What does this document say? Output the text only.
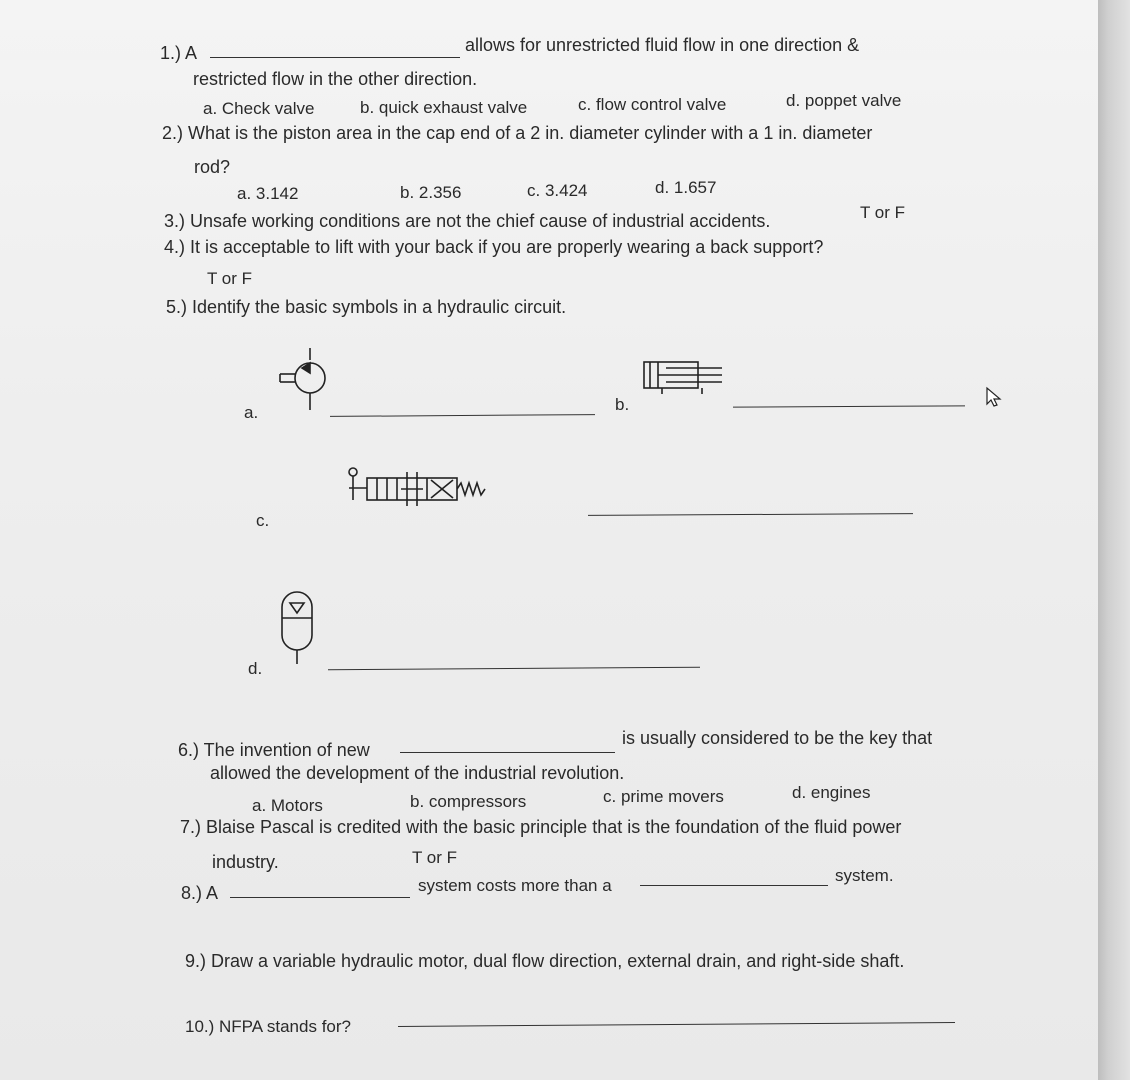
1.) A	allows for unrestricted fluid flow in one direction &
restricted flow in the other direction.
a. Check valve	b. quick exhaust valve	c. flow control valve	d. poppet valve
2.) What is the piston area in the cap end of a 2 in. diameter cylinder with a 1 in. diameter
rod?
a. 3.142	b. 2.356	c. 3.424	d. 1.657
3.) Unsafe working conditions are not the chief cause of industrial accidents.	T or F
4.) It is acceptable to lift with your back if you are properly wearing a back support?
T or F
5.) Identify the basic symbols in a hydraulic circuit.
a.	b.
c.
d.
6.) The invention of new
is usually considered to be the key that
allowed the development of the industrial revolution.
a. Motors	b. compressors	c. prime movers	d. engines
7.) Blaise Pascal is credited with the basic principle that is the foundation of the fluid power
industry.	T or F
8.) A	system costs more than a
system.
9.) Draw a variable hydraulic motor, dual flow direction, external drain, and right-side shaft.
10.) NFPA stands for?
